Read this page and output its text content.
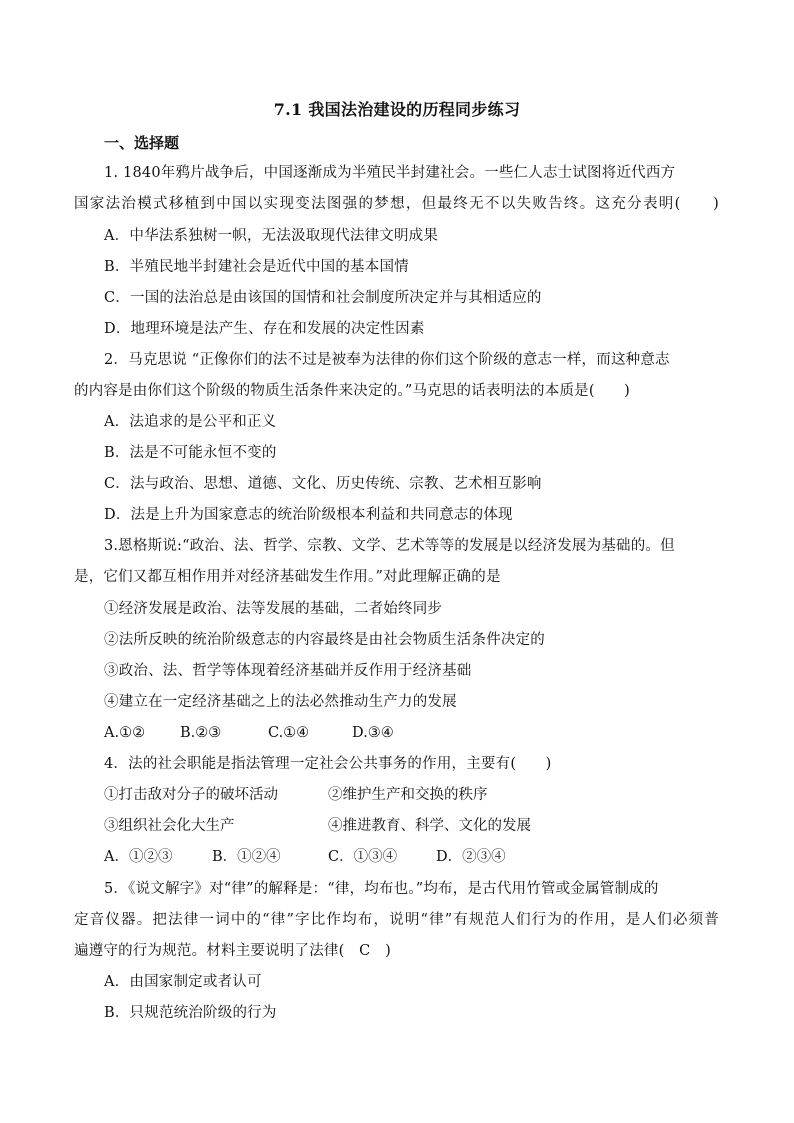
7.1 我国法治建设的历程同步练习
一、选择题
1. 1840年鸦片战争后，中国逐渐成为半殖民半封建社会。一些仁人志士试图将近代西方
国家法治模式移植到中国以实现变法图强的梦想，但最终无不以失败告终。这充分表明(　　)
A．中华法系独树一帜，无法汲取现代法律文明成果
B．半殖民地半封建社会是近代中国的基本国情
C．一国的法治总是由该国的国情和社会制度所决定并与其相适应的
D．地理环境是法产生、存在和发展的决定性因素
2．马克思说 “正像你们的法不过是被奉为法律的你们这个阶级的意志一样，而这种意志
的内容是由你们这个阶级的物质生活条件来决定的。”马克思的话表明法的本质是(　　)
A．法追求的是公平和正义
B．法是不可能永恒不变的
C．法与政治、思想、道德、文化、历史传统、宗教、艺术相互影响
D．法是上升为国家意志的统治阶级根本利益和共同意志的体现
3.恩格斯说:“政治、法、哲学、宗教、文学、艺术等等的发展是以经济发展为基础的。但
是，它们又都互相作用并对经济基础发生作用。”对此理解正确的是
①经济发展是政治、法等发展的基础，二者始终同步
②法所反映的统治阶级意志的内容最终是由社会物质生活条件决定的
③政治、法、哲学等体现着经济基础并反作用于经济基础
④建立在一定经济基础之上的法必然推动生产力的发展
A.①② B.②③	C.①④	D.③④
4．法的社会职能是指法管理一定社会公共事务的作用，主要有(　　)
①打击敌对分子的破坏活动	②维护生产和交换的秩序
③组织社会化大生产	④推进教育、科学、文化的发展
A．①②③	B．①②④	C．①③④	D．②③④
5．《说文解字》对“律”的解释是：“律，均布也。”均布，是古代用竹管或金属管制成的
定音仪器。把法律一词中的“律”字比作均布，说明“律”有规范人们行为的作用，是人们必须普
遍遵守的行为规范。材料主要说明了法律(　C　)
A．由国家制定或者认可
B．只规范统治阶级的行为
